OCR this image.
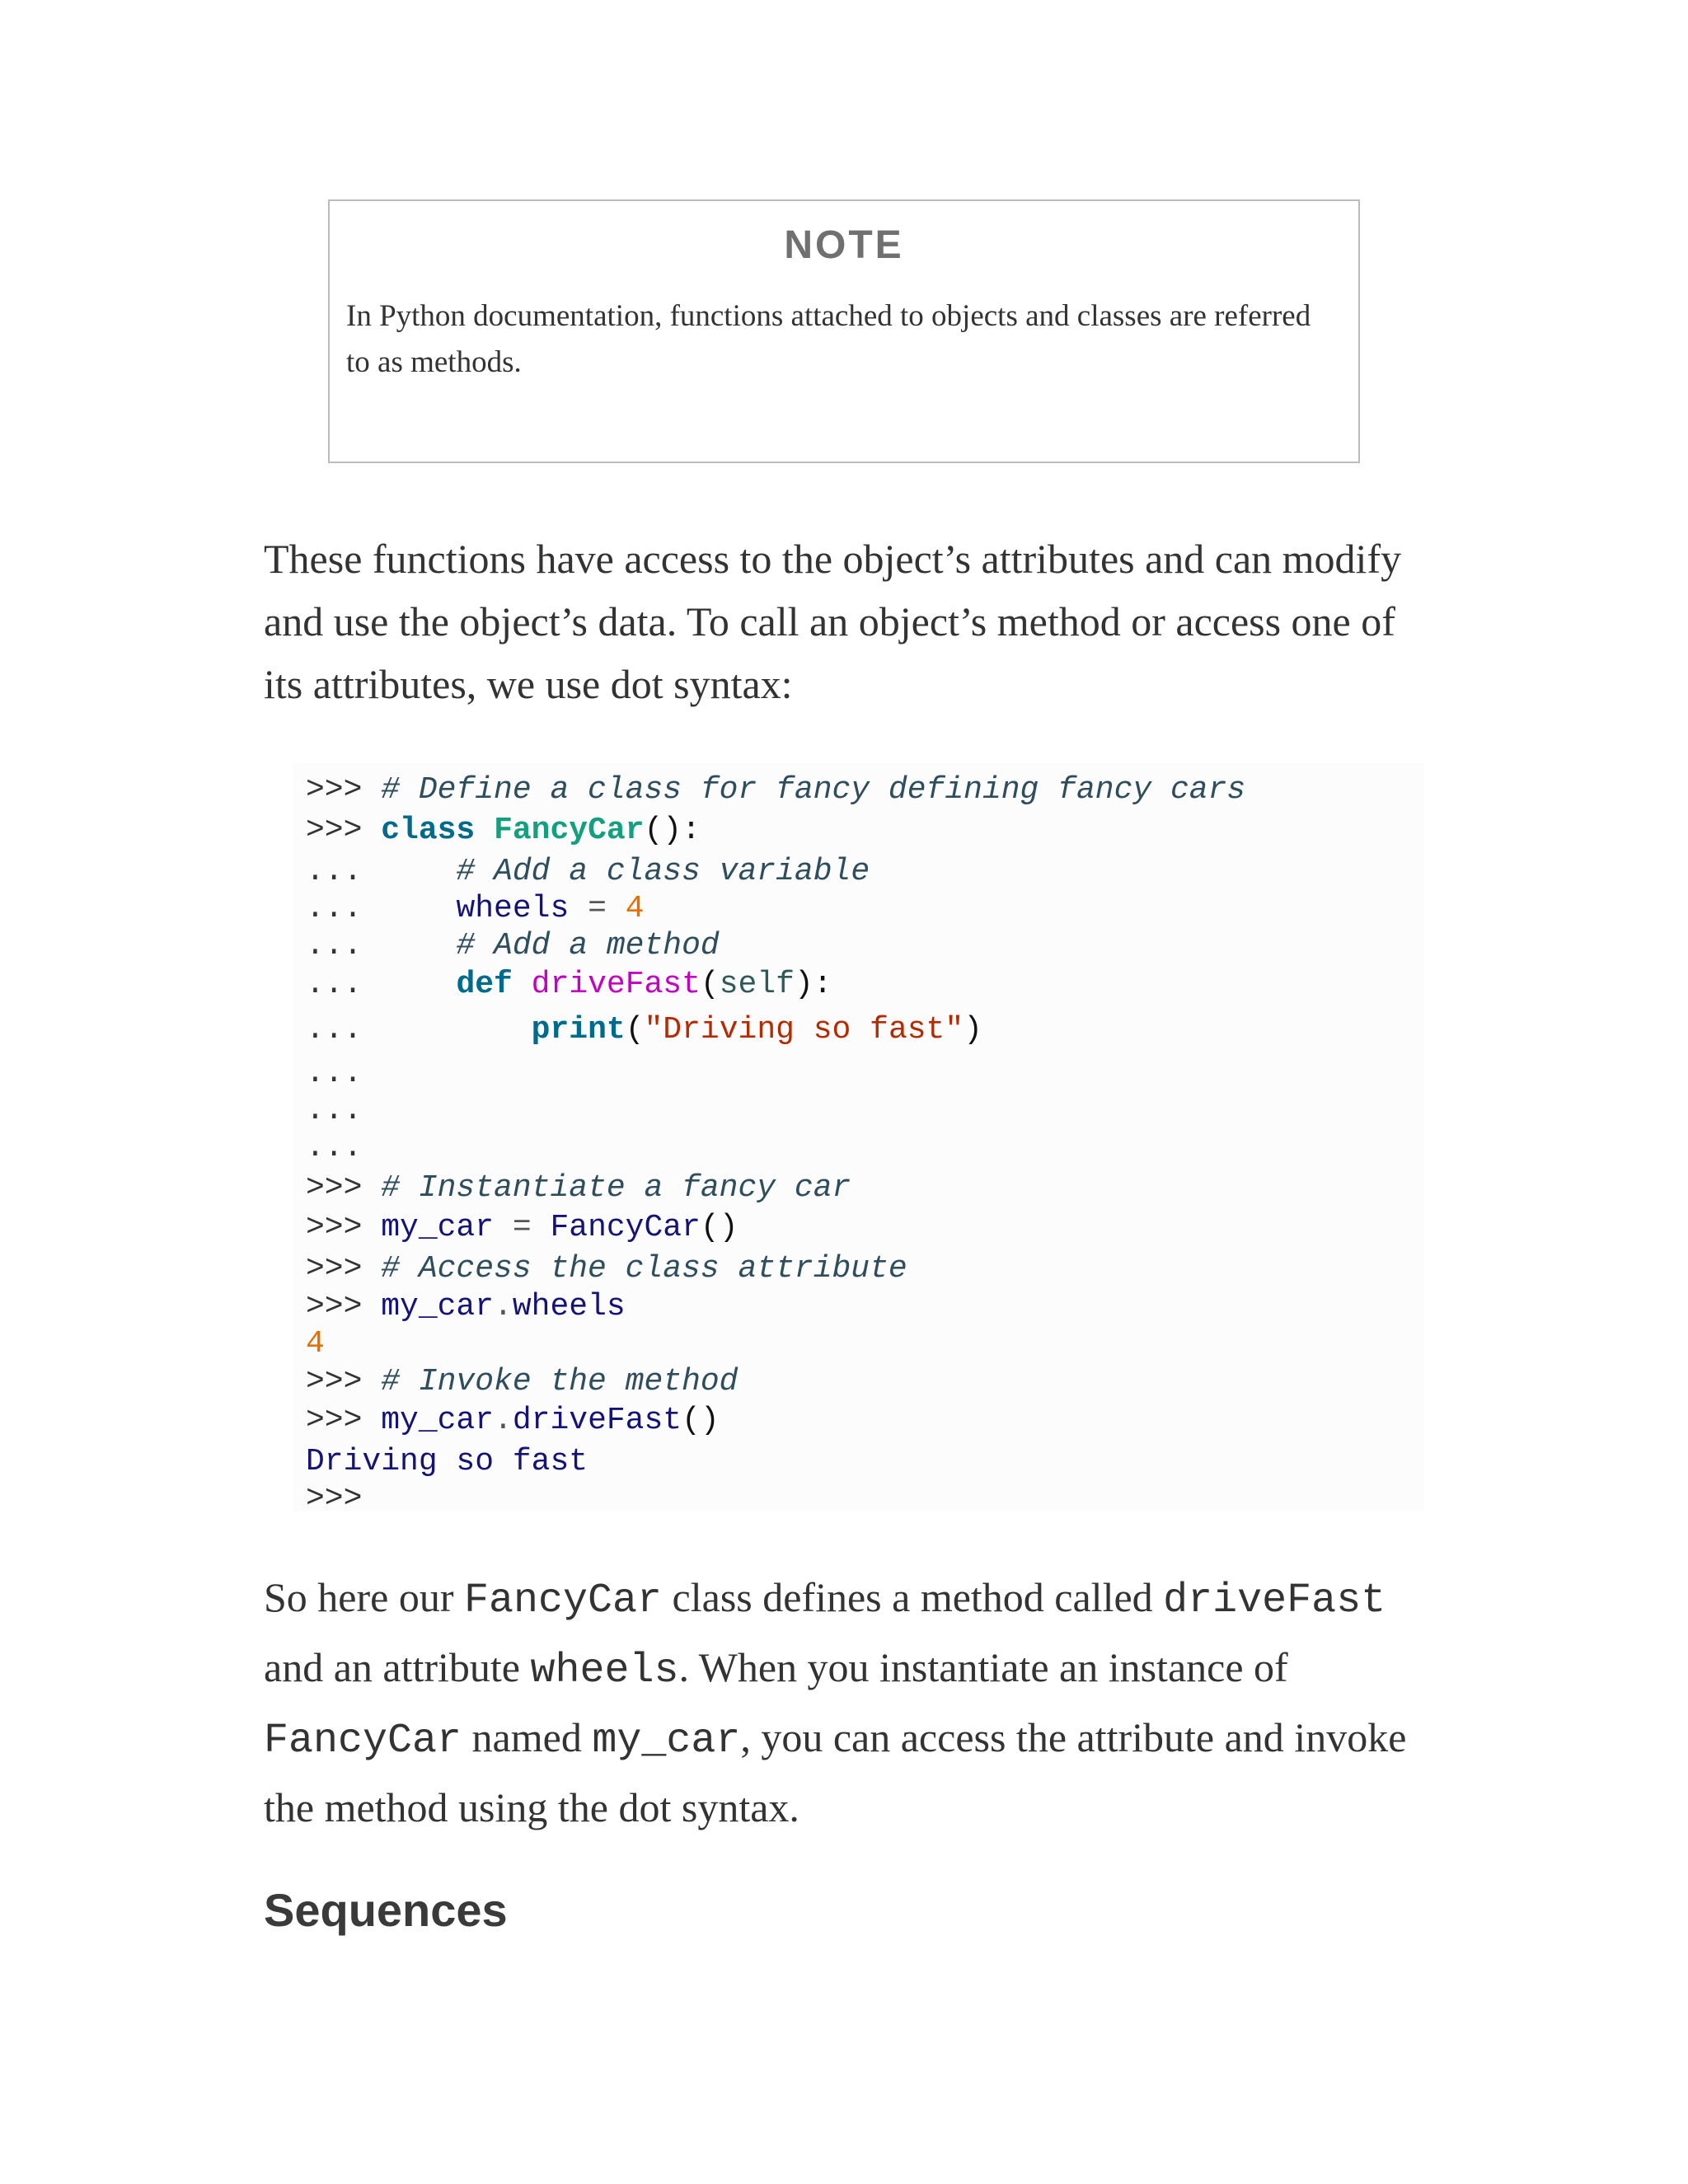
NOTE

In Python documentation, functions attached to objects and classes are referred to as methods.

These functions have access to the object’s attributes and can modify and use the object’s data. To call an object’s method or access one of its attributes, we use dot syntax:

>>> # Define a class for fancy defining fancy cars
>>> class FancyCar():
...     # Add a class variable
...     wheels = 4
...     # Add a method
...     def driveFast(self):
...         print("Driving so fast")
...
...
...
>>> # Instantiate a fancy car
>>> my_car = FancyCar()
>>> # Access the class attribute
>>> my_car.wheels
4
>>> # Invoke the method
>>> my_car.driveFast()
Driving so fast
>>>

So here our FancyCar class defines a method called driveFast and an attribute wheels. When you instantiate an instance of FancyCar named my_car, you can access the attribute and invoke the method using the dot syntax.

Sequences
